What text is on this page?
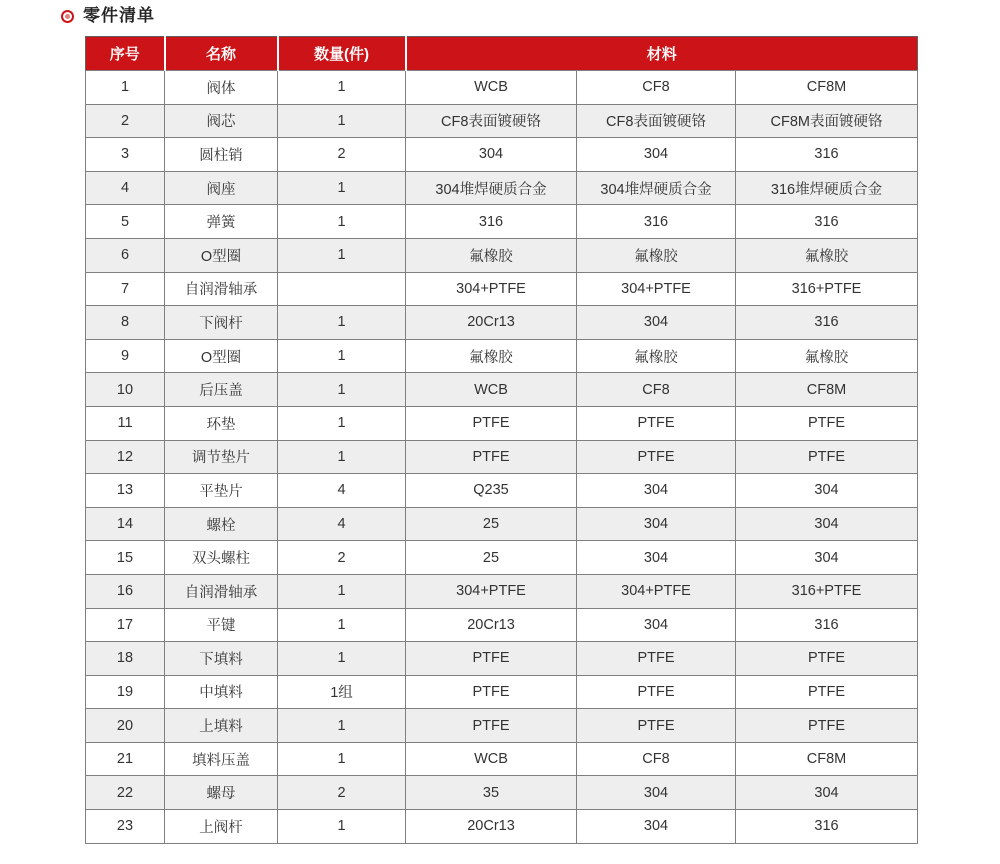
零件清单
序号	名称	数量(件)	材料		
1	阀体	1	WCB	CF8	CF8M
2	阀芯	1	CF8表面镀硬铬	CF8表面镀硬铬	CF8M表面镀硬铬
3	圆柱销	2	304	304	316
4	阀座	1	304堆焊硬质合金	304堆焊硬质合金	316堆焊硬质合金
5	弹簧	1	316	316	316
6	O型圈	1	氟橡胶	氟橡胶	氟橡胶
7	自润滑轴承		304+PTFE	304+PTFE	316+PTFE
8	下阀杆	1	20Cr13	304	316
9	O型圈	1	氟橡胶	氟橡胶	氟橡胶
10	后压盖	1	WCB	CF8	CF8M
11	环垫	1	PTFE	PTFE	PTFE
12	调节垫片	1	PTFE	PTFE	PTFE
13	平垫片	4	Q235	304	304
14	螺栓	4	25	304	304
15	双头螺柱	2	25	304	304
16	自润滑轴承	1	304+PTFE	304+PTFE	316+PTFE
17	平键	1	20Cr13	304	316
18	下填料	1	PTFE	PTFE	PTFE
19	中填料	1组	PTFE	PTFE	PTFE
20	上填料	1	PTFE	PTFE	PTFE
21	填料压盖	1	WCB	CF8	CF8M
22	螺母	2	35	304	304
23	上阀杆	1	20Cr13	304	316
